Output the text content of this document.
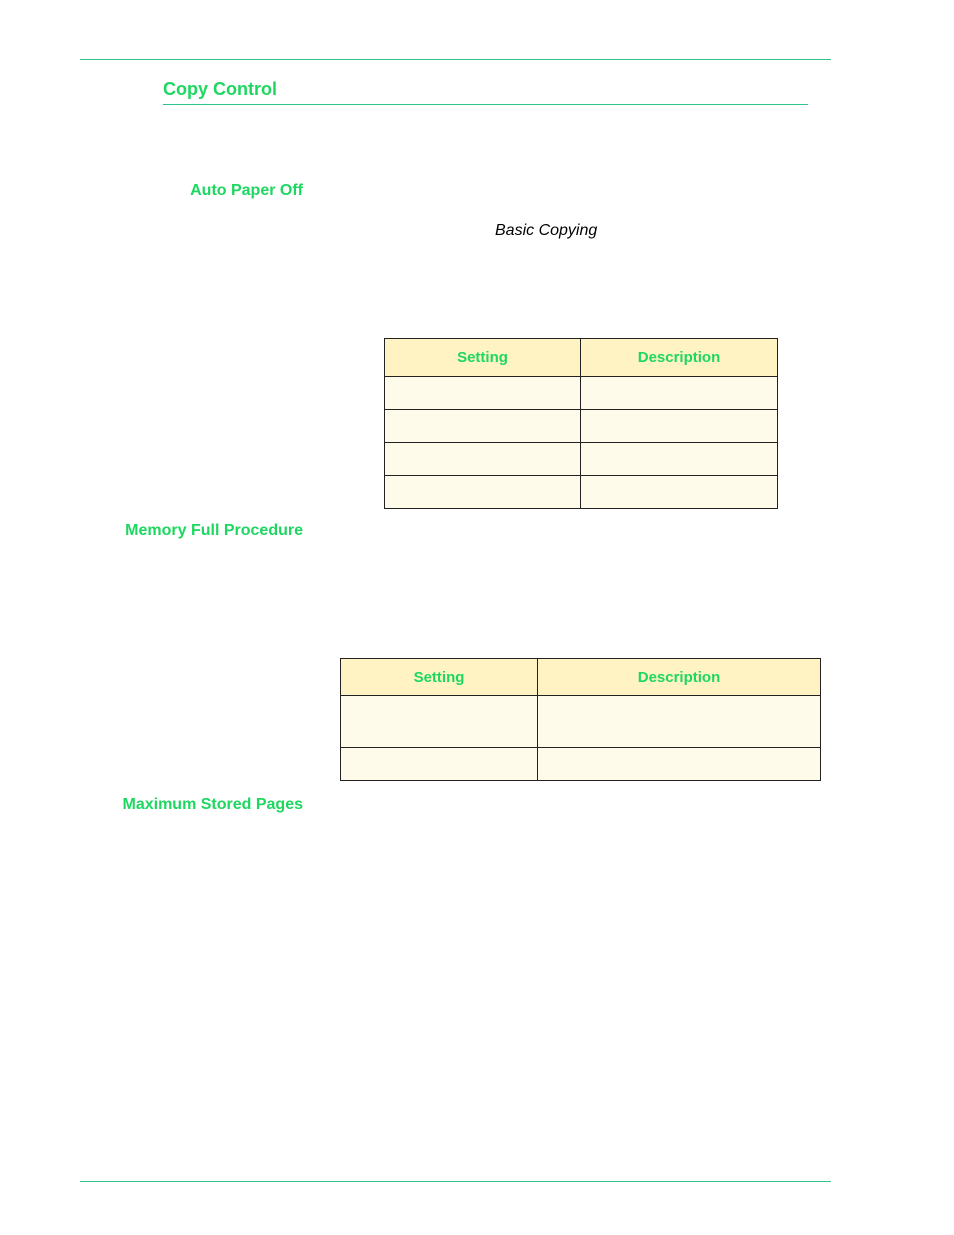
Copy Control
Auto Paper Off
Basic Copying
Setting	Description

Memory Full Procedure
Setting	Description

Maximum Stored Pages
